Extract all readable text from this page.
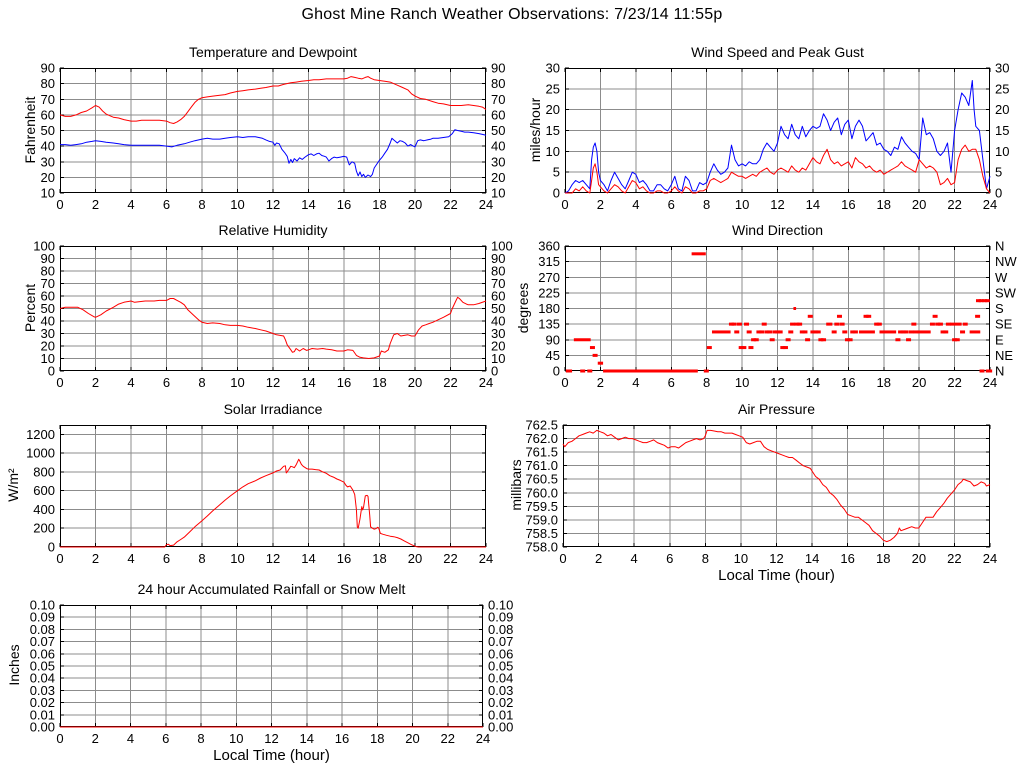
Ghost Mine Ranch Weather Observations: 7/23/14 11:55p
0 2 4 6 8 10 12 14 16 18 20 22 24
10	10
20	20
30	30
40	40
50	50
60	60
70	70
80	80
90	90
0 2 4 6 8 10 12 14 16 18 20 22 24
0	0
5	5
10	10
15	15
20	20
25	25
30	30
0 2 4 6 8 10 12 14 16 18 20 22 24
0	0
10	10
20	20
30	30
40	40
50	50
60	60
70	70
80	80
90	90
100	100
0 2 4 6 8 10 12 14 16 18 20 22 24
0	N
45	NE
90	E
135	SE
180	S
225	SW
270	W
315	NW
360	N
0 2 4 6 8 10 12 14 16 18 20 22 24
0
200
400
600
800
1000
1200
0 2 4 6 8 10 12 14 16 18 20 22 24
758.0
758.5
759.0
759.5
760.0
760.5
761.0
761.5
762.0
762.5
0 2 4 6 8 10 12 14 16 18 20 22 24
0.00	0.00
0.01	0.01
0.02	0.02
0.03	0.03
0.04	0.04
0.05	0.05
0.06	0.06
0.07	0.07
0.08	0.08
0.09	0.09
0.10	0.10
Temperature and Dewpoint	Wind Speed and Peak Gust
Relative Humidity	Wind Direction
Solar Irradiance	Air Pressure
24 hour Accumulated Rainfall or Snow Melt
Fahrenheit	miles/hour
Percent	degrees
W/m²	millibars
Inches
Local Time (hour)
Local Time (hour)
